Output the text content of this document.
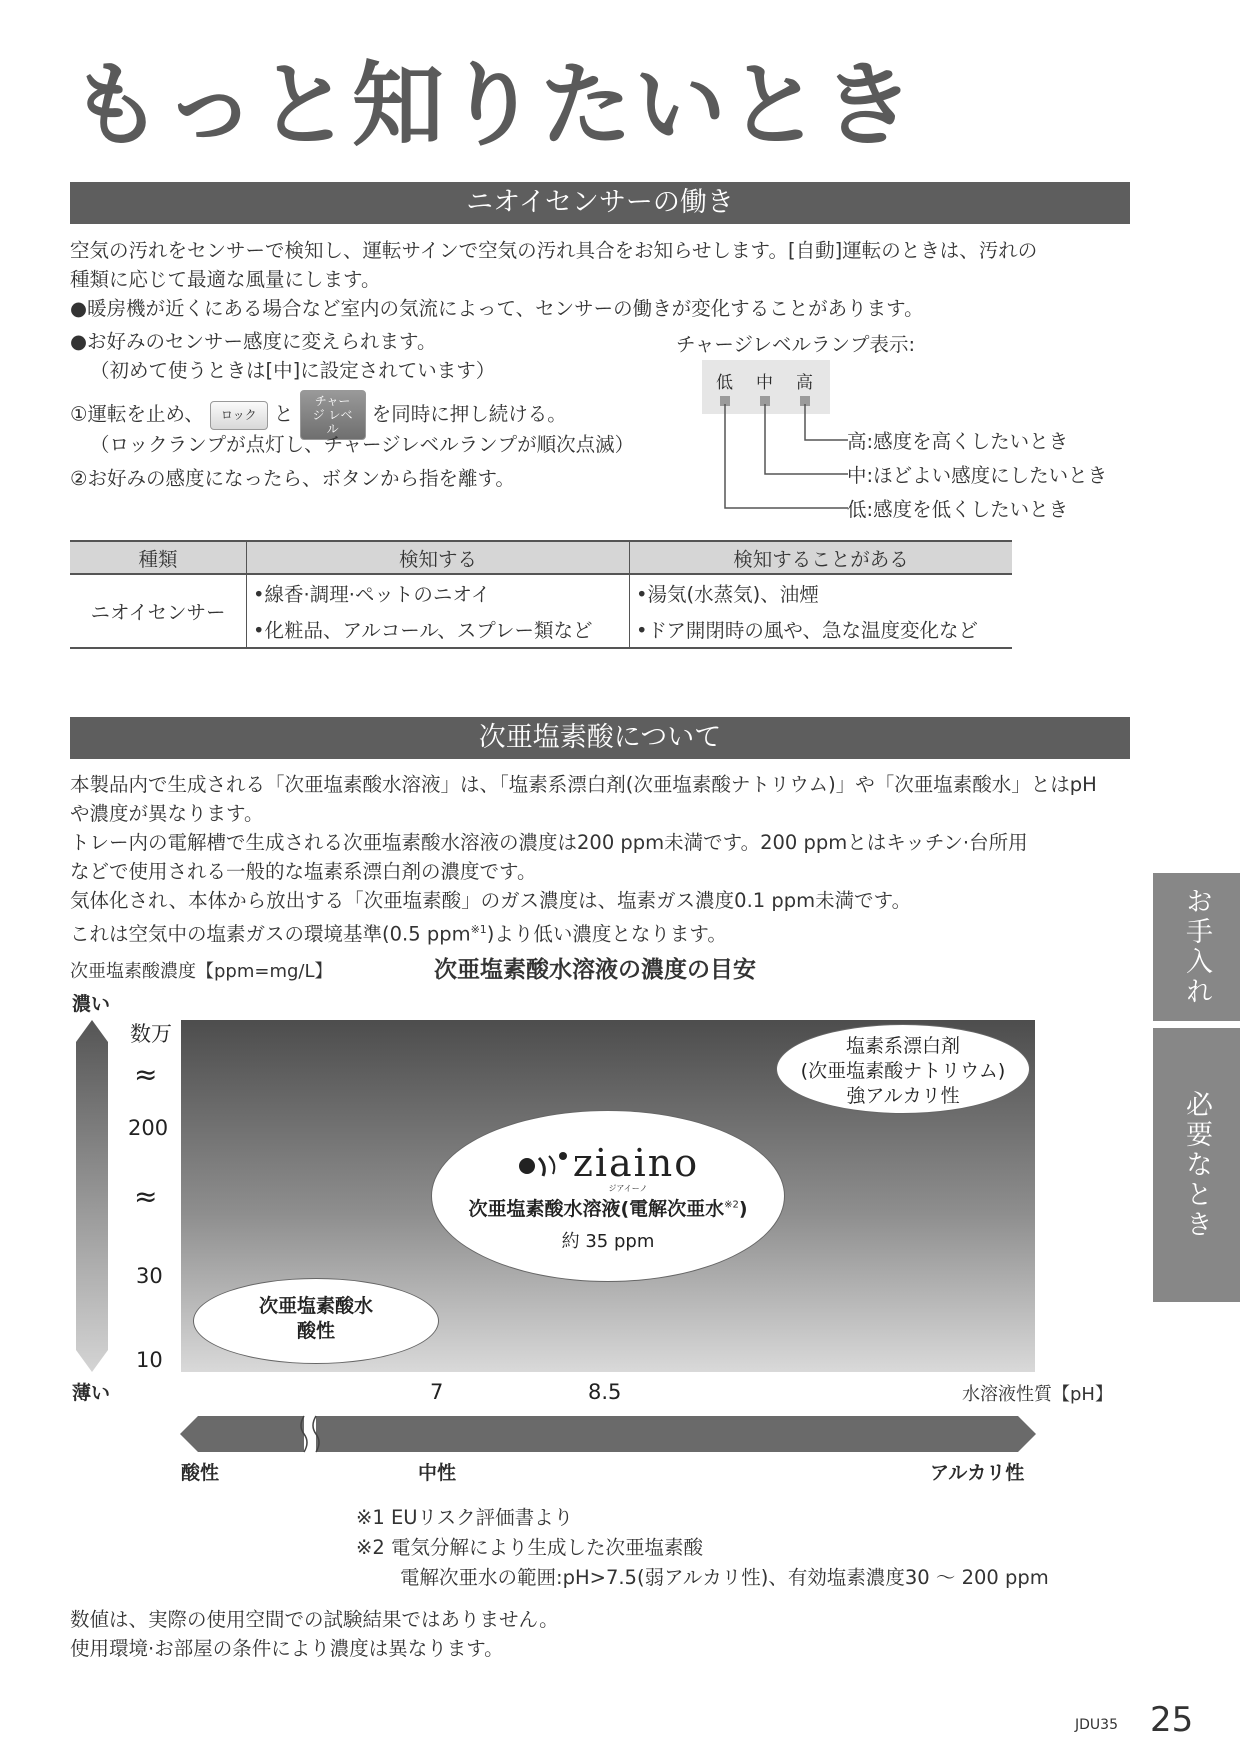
もっと知りたいとき
ニオイセンサーの働き
空気の汚れをセンサーで検知し、運転サインで空気の汚れ具合をお知らせします。[自動]運転のときは、汚れの
種類に応じて最適な風量にします。
●暖房機が近くにある場合など室内の気流によって、センサーの働きが変化することがあります。
●お好みのセンサー感度に変えられます。
（初めて使うときは[中]に設定されています）
①運転を止め、 ロック と チャージ レベル を同時に押し続ける。
（ロックランプが点灯し、チャージレベルランプが順次点滅）
②お好みの感度になったら、ボタンから指を離す。
チャージレベルランプ表示:
低 中 高
高:感度を高くしたいとき
中:ほどよい感度にしたいとき
低:感度を低くしたいとき
種類	検知する	検知することがある
ニオイセンサー	•線香·調理·ペットのニオイ	•湯気(水蒸気)、油煙
	•化粧品、アルコール、スプレー類など	•ドア開閉時の風や、急な温度変化など
次亜塩素酸について
本製品内で生成される「次亜塩素酸水溶液」は、「塩素系漂白剤(次亜塩素酸ナトリウム)」や「次亜塩素酸水」とはpH
や濃度が異なります。
トレー内の電解槽で生成される次亜塩素酸水溶液の濃度は200 ppm未満です。200 ppmとはキッチン·台所用
などで使用される一般的な塩素系漂白剤の濃度です。
気体化され、本体から放出する「次亜塩素酸」のガス濃度は、塩素ガス濃度0.1 ppm未満です。
これは空気中の塩素ガスの環境基準(0.5 ppm$^{※1}$)より低い濃度となります。
次亜塩素酸濃度【ppm=mg/L】	次亜塩素酸水溶液の濃度の目安
濃い
薄い
数万
≈
200
≈
30
10
塩素系漂白剤
(次亜塩素酸ナトリウム)
強アルカリ性
ziaino
ジアイーノ
次亜塩素酸水溶液(電解次亜水$^{※2}$)
約 35 ppm
次亜塩素酸水
酸性
7	8.5	水溶液性質【pH】
酸性	中性	アルカリ性
※1 EUリスク評価書より
※2 電気分解により生成した次亜塩素酸
電解次亜水の範囲:pH>7.5(弱アルカリ性)、有効塩素濃度30 ～ 200 ppm
数値は、実際の使用空間での試験結果ではありません。
使用環境·お部屋の条件により濃度は異なります。
お手入れ
必要なとき
JDU35 25
